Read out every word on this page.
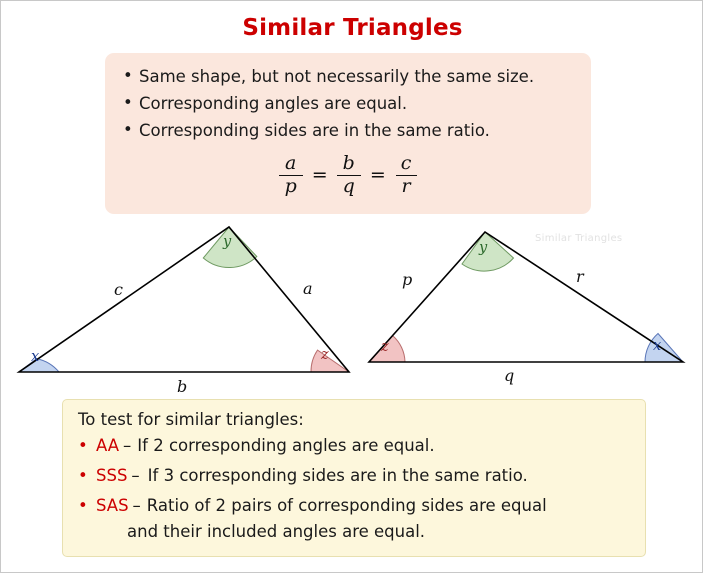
Similar Triangles
• Same shape, but not necessarily the same size.
• Corresponding angles are equal.
• Corresponding sides are in the same ratio.
$\frac{a}{p} = \frac{b}{q} = \frac{c}{r}$
Similar Triangles
c	a
b
x
y
z
p	r
q
z
y
x
To test for similar triangles:
• AA – If 2 corresponding angles are equal.
• SSS – If 3 corresponding sides are in the same ratio.
• SAS – Ratio of 2 pairs of corresponding sides are equal
and their included angles are equal.
